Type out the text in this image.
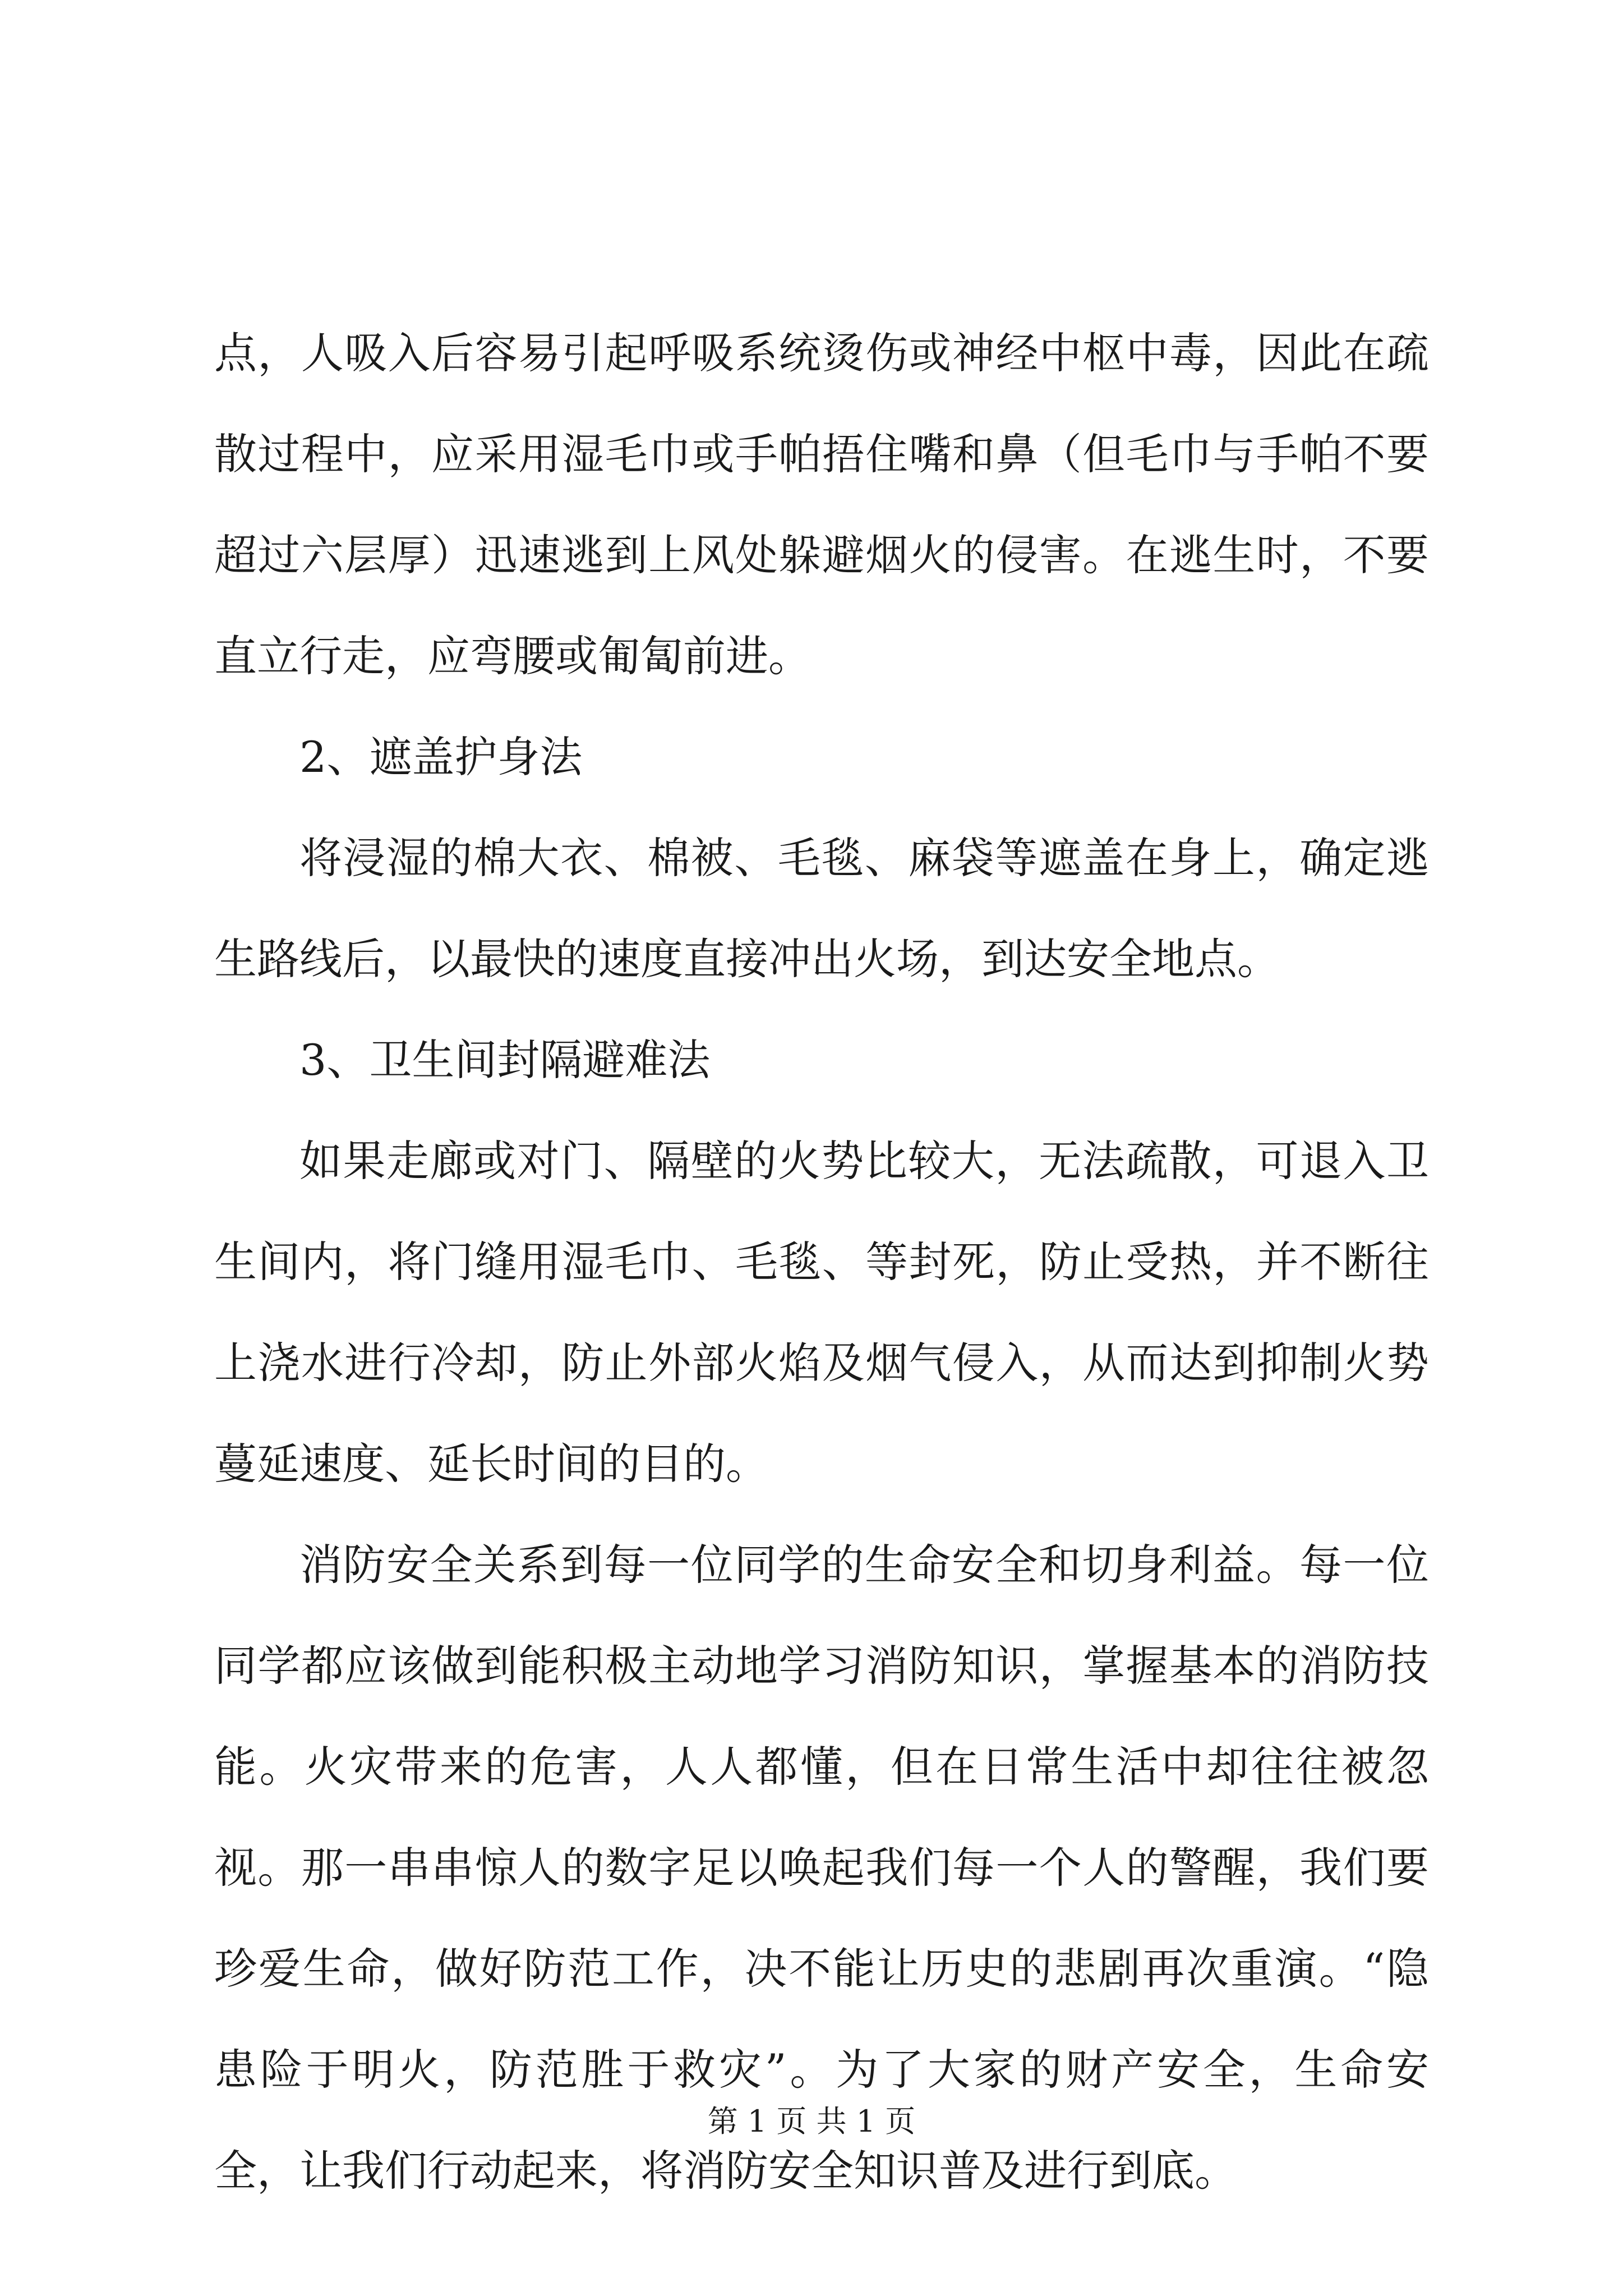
点，人吸入后容易引起呼吸系统烫伤或神经中枢中毒，因此在疏散过程中，应采用湿毛巾或手帕捂住嘴和鼻（但毛巾与手帕不要超过六层厚）迅速逃到上风处躲避烟火的侵害。在逃生时，不要直立行走，应弯腰或匍匐前进。

2、遮盖护身法

将浸湿的棉大衣、棉被、毛毯、麻袋等遮盖在身上，确定逃生路线后，以最快的速度直接冲出火场，到达安全地点。

3、卫生间封隔避难法

如果走廊或对门、隔壁的火势比较大，无法疏散，可退入卫生间内，将门缝用湿毛巾、毛毯、等封死，防止受热，并不断往上浇水进行冷却，防止外部火焰及烟气侵入，从而达到抑制火势蔓延速度、延长时间的目的。

消防安全关系到每一位同学的生命安全和切身利益。每一位同学都应该做到能积极主动地学习消防知识，掌握基本的消防技能。火灾带来的危害，人人都懂，但在日常生活中却往往被忽视。那一串串惊人的数字足以唤起我们每一个人的警醒，我们要珍爱生命，做好防范工作，决不能让历史的悲剧再次重演。“隐患险于明火，防范胜于救灾”。为了大家的财产安全，生命安全，让我们行动起来，将消防安全知识普及进行到底。

第 1 页 共 1 页
